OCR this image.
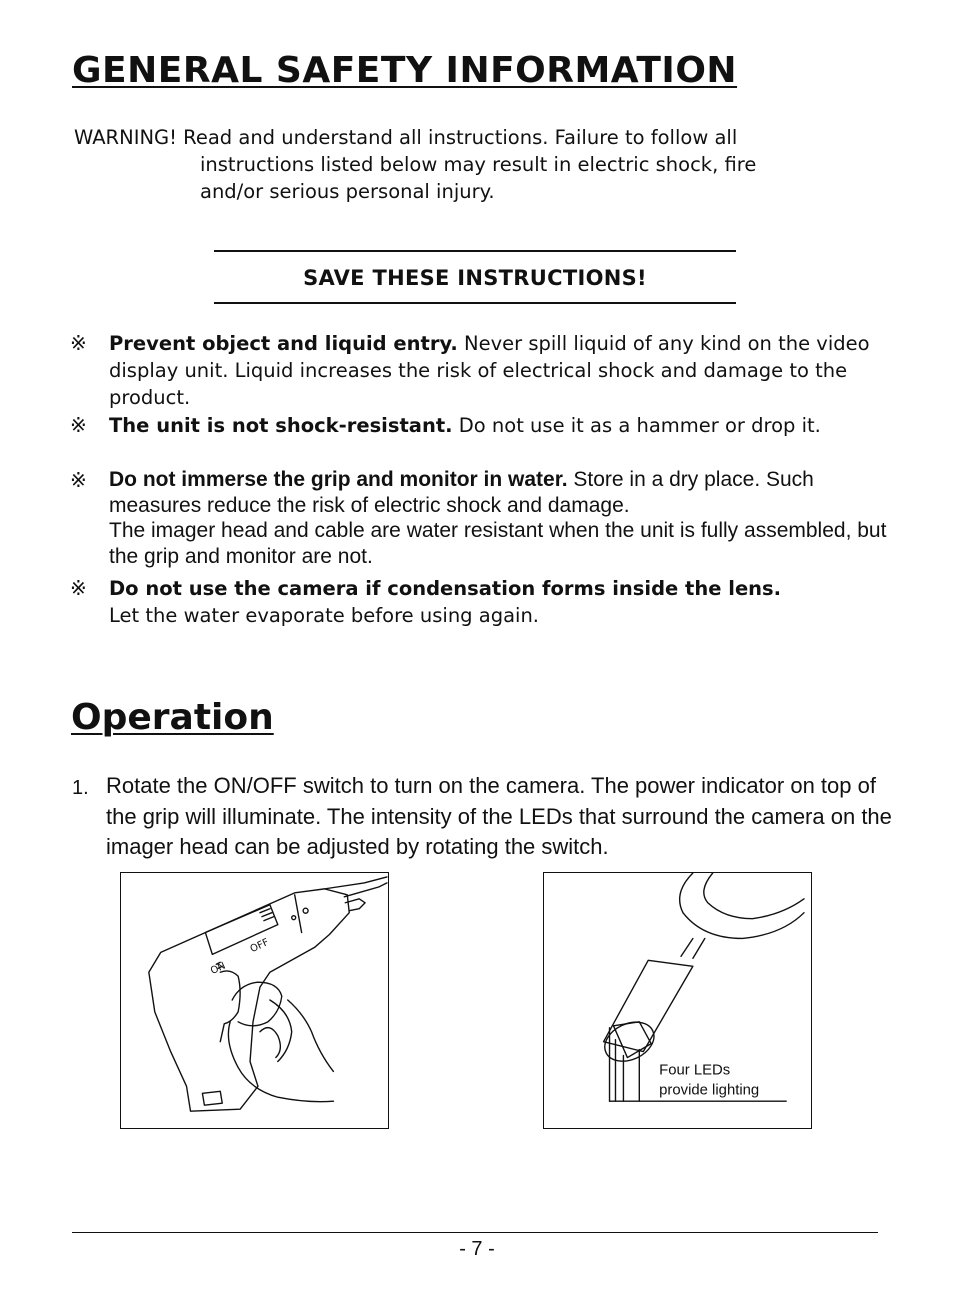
GENERAL SAFETY INFORMATION
WARNING! Read and understand all instructions. Failure to follow all
instructions listed below may result in electric shock, fire
and/or serious personal injury.
SAVE THESE INSTRUCTIONS!
※ Prevent object and liquid entry. Never spill liquid of any kind on the video display unit. Liquid increases the risk of electrical shock and damage to the product.
※ The unit is not shock-resistant. Do not use it as a hammer or drop it.
※ Do not immerse the grip and monitor in water. Store in a dry place. Such measures reduce the risk of electric shock and damage.
The imager head and cable are water resistant when the unit is fully assembled, but the grip and monitor are not.
※ Do not use the camera if condensation forms inside the lens.
Let the water evaporate before using again.
Operation
1. Rotate the ON/OFF switch to turn on the camera. The power indicator on top of the grip will illuminate. The intensity of the LEDs that surround the camera on the imager head can be adjusted by rotating the switch.
ON
OFF
Four LEDs
provide lighting
- 7 -
